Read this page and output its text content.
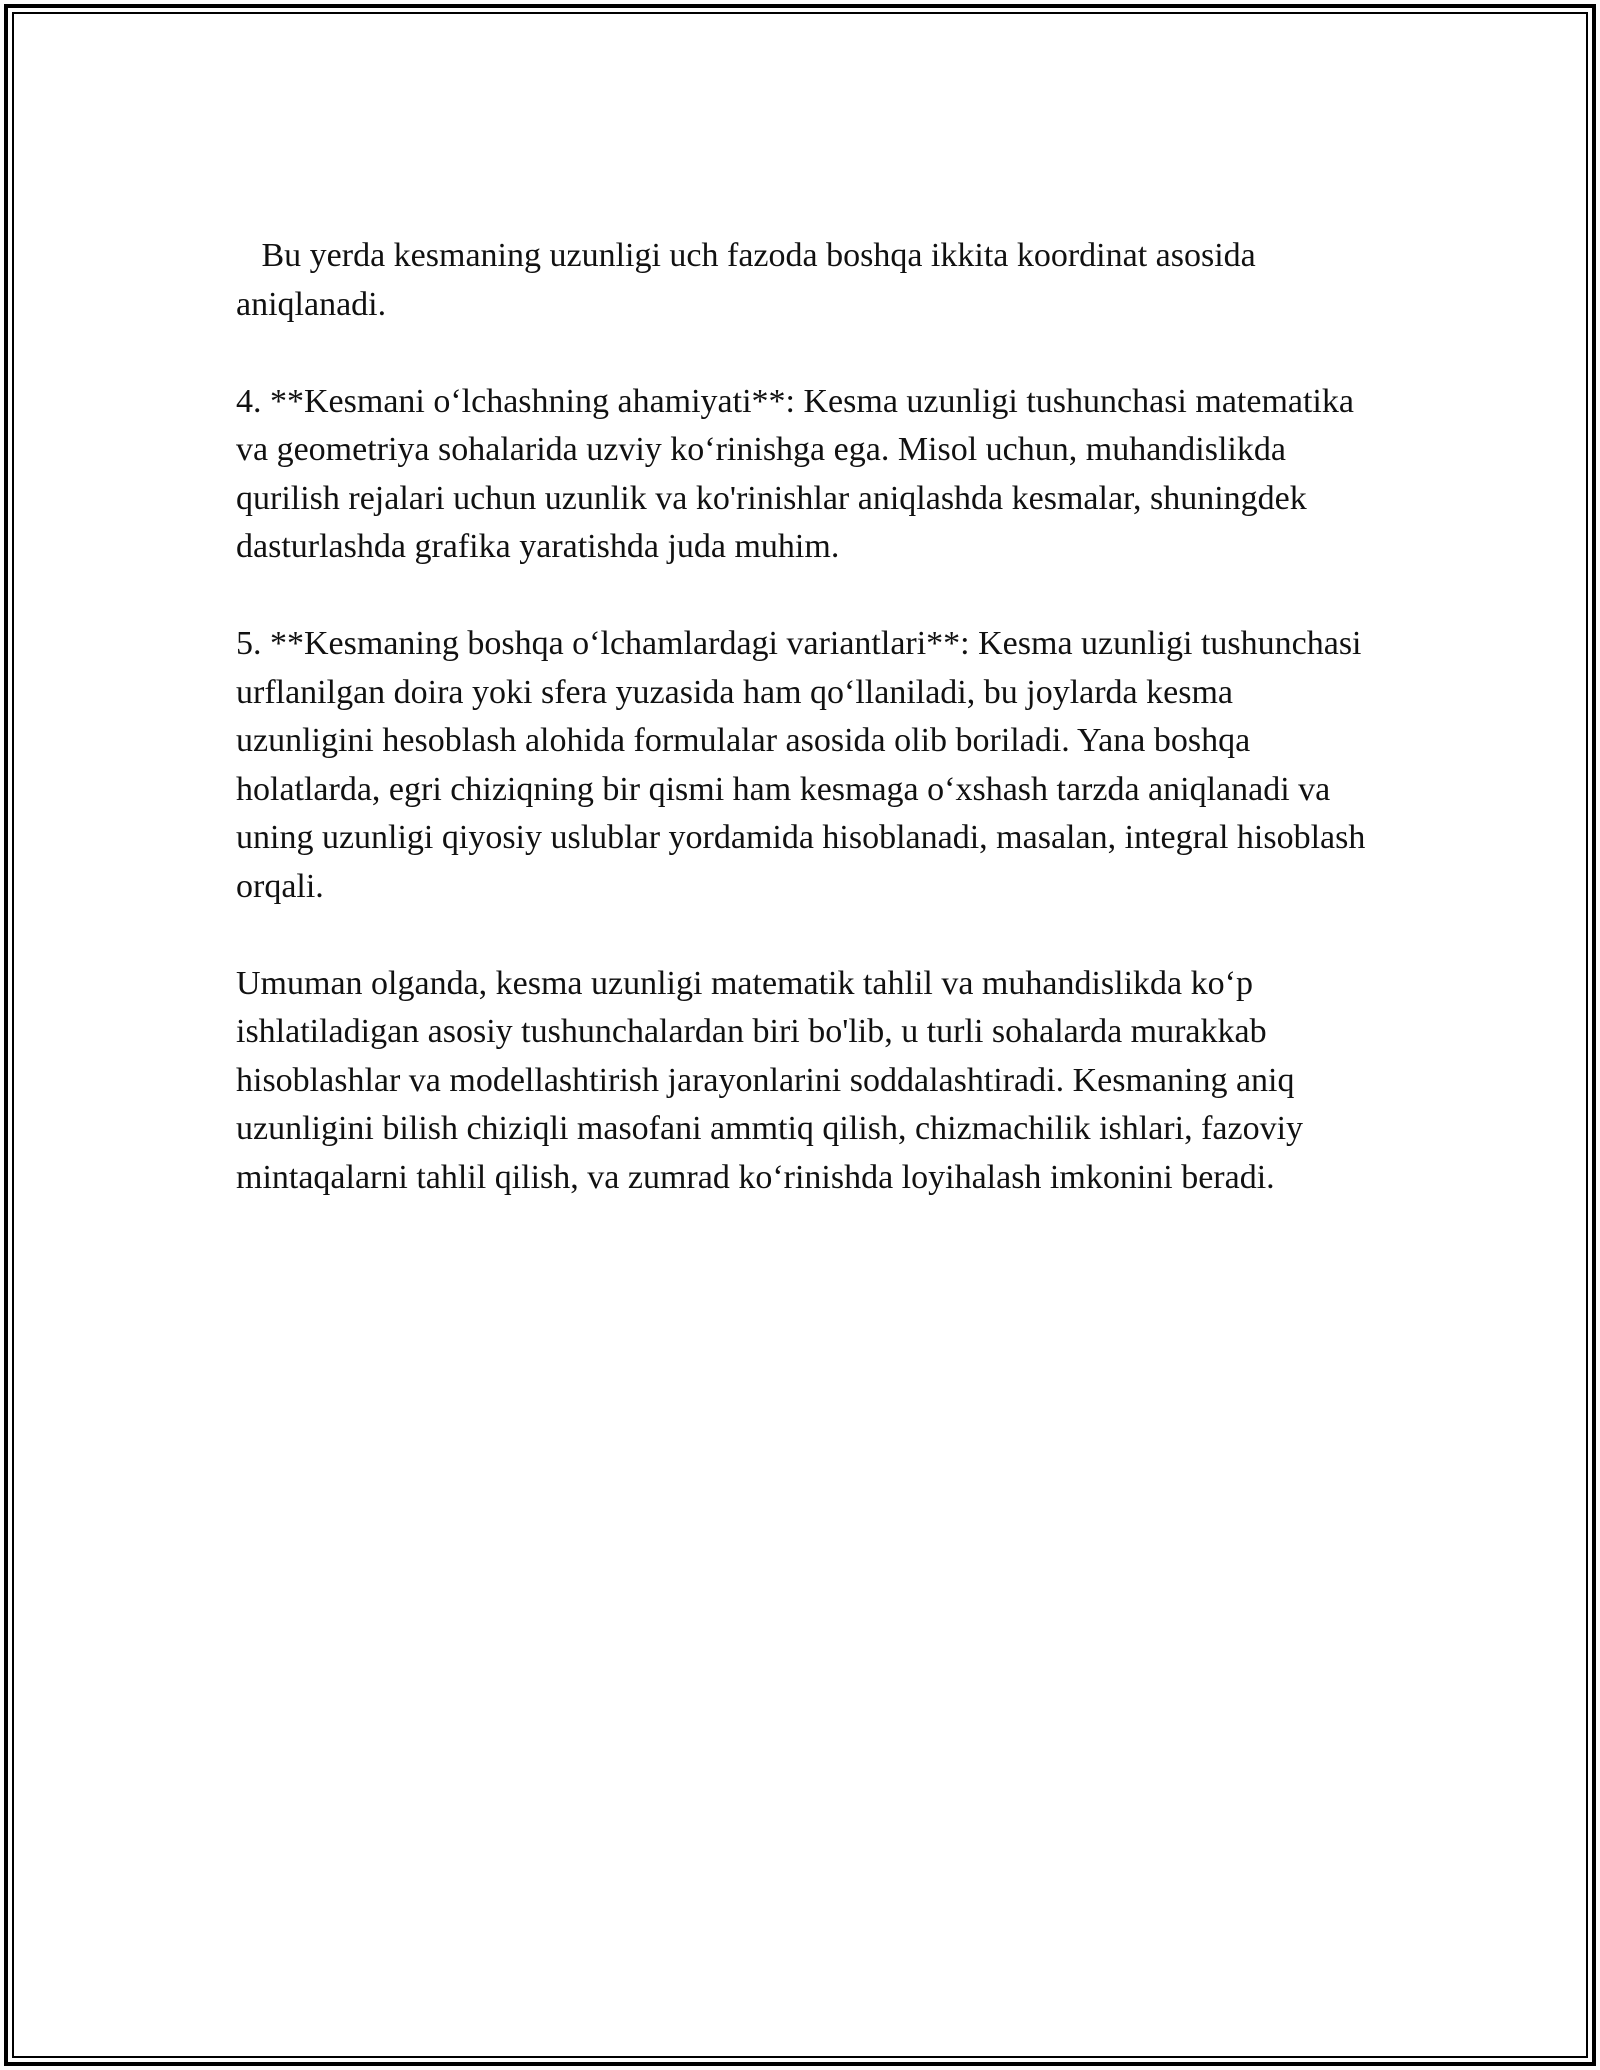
Bu yerda kesmaning uzunligi uch fazoda boshqa ikkita koordinat asosida aniqlanadi.

4. **Kesmani o‘lchashning ahamiyati**: Kesma uzunligi tushunchasi matematika va geometriya sohalarida uzviy ko‘rinishga ega. Misol uchun, muhandislikda qurilish rejalari uchun uzunlik va ko'rinishlar aniqlashda kesmalar, shuningdek dasturlashda grafika yaratishda juda muhim.

5. **Kesmaning boshqa o‘lchamlardagi variantlari**: Kesma uzunligi tushunchasi urflanilgan doira yoki sfera yuzasida ham qo‘llaniladi, bu joylarda kesma uzunligini hesoblash alohida formulalar asosida olib boriladi. Yana boshqa holatlarda, egri chiziqning bir qismi ham kesmaga o‘xshash tarzda aniqlanadi va uning uzunligi qiyosiy uslublar yordamida hisoblanadi, masalan, integral hisoblash orqali.

Umuman olganda, kesma uzunligi matematik tahlil va muhandislikda ko‘p ishlatiladigan asosiy tushunchalardan biri bo'lib, u turli sohalarda murakkab hisoblashlar va modellashtirish jarayonlarini soddalashtiradi. Kesmaning aniq uzunligini bilish chiziqli masofani ammtiq qilish, chizmachilik ishlari, fazoviy mintaqalarni tahlil qilish, va zumrad ko‘rinishda loyihalash imkonini beradi.
